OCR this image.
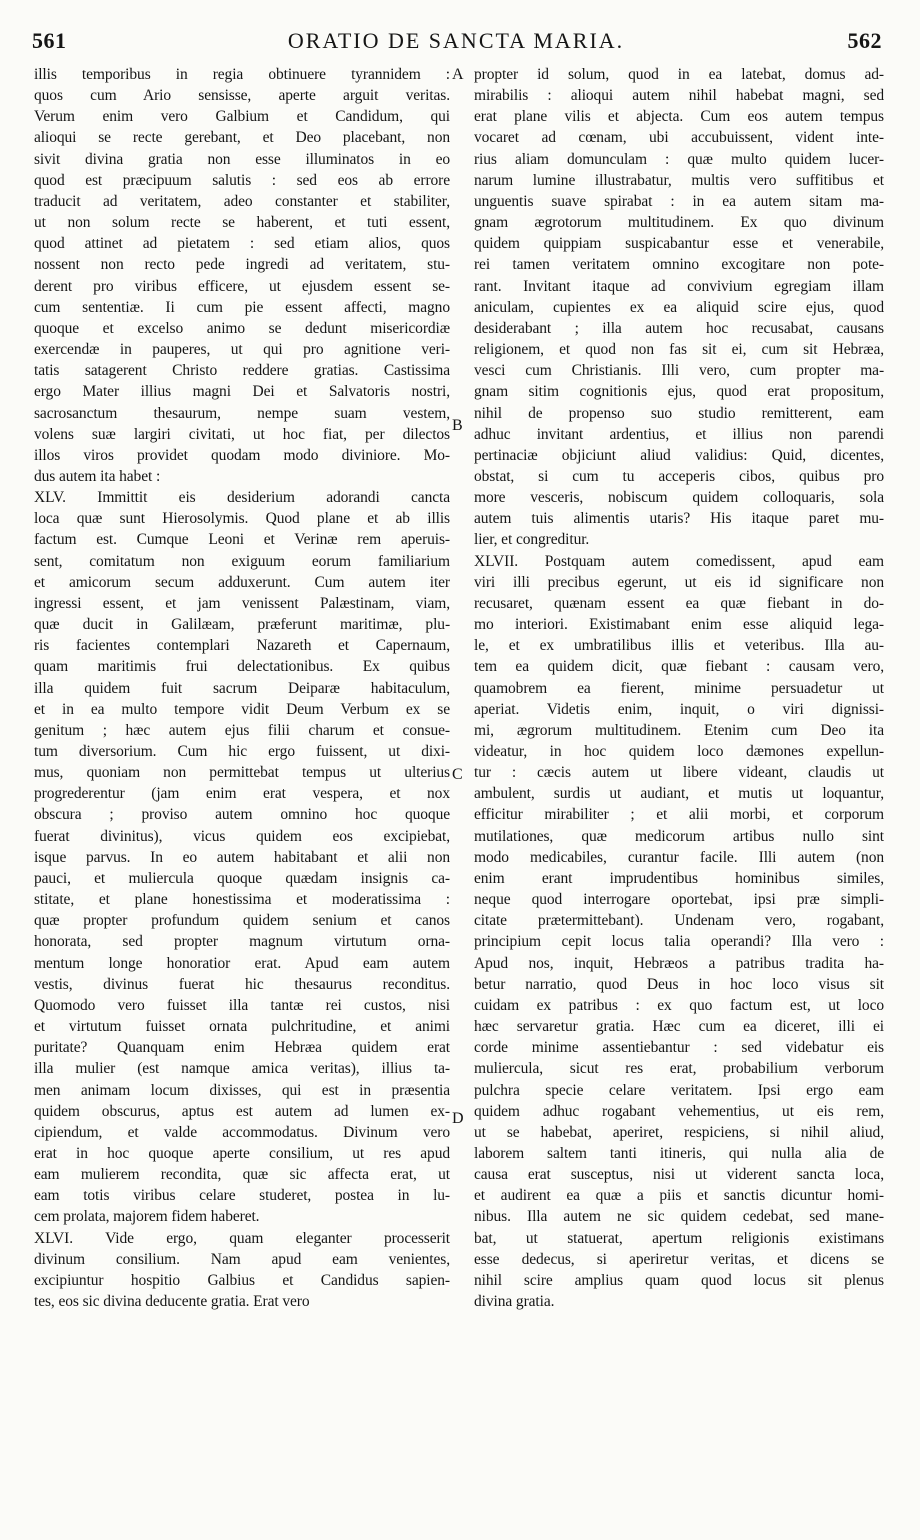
561	ORATIO DE SANCTA MARIA.	562
illis temporibus in regia obtinuere tyrannidem :
quos cum Ario sensisse, aperte arguit veritas.
Verum enim vero Galbium et Candidum, qui
alioqui se recte gerebant, et Deo placebant, non
sivit divina gratia non esse illuminatos in eo
quod est præcipuum salutis : sed eos ab errore
traducit ad veritatem, adeo constanter et stabiliter,
ut non solum recte se haberent, et tuti essent,
quod attinet ad pietatem : sed etiam alios, quos
nossent non recto pede ingredi ad veritatem, stu-
derent pro viribus efficere, ut ejusdem essent se-
cum sententiæ. Ii cum pie essent affecti, magno
quoque et excelso animo se dedunt misericordiæ
exercendæ in pauperes, ut qui pro agnitione veri-
tatis satagerent Christo reddere gratias. Castissima
ergo Mater illius magni Dei et Salvatoris nostri,
sacrosanctum thesaurum, nempe suam vestem,
volens suæ largiri civitati, ut hoc fiat, per dilectos
illos viros providet quodam modo diviniore. Mo-
dus autem ita habet :
XLV. Immittit eis desiderium adorandi cancta
loca quæ sunt Hierosolymis. Quod plane et ab illis
factum est. Cumque Leoni et Verinæ rem aperuis-
sent, comitatum non exiguum eorum familiarium
et amicorum secum adduxerunt. Cum autem iter
ingressi essent, et jam venissent Palæstinam, viam,
quæ ducit in Galilæam, præferunt maritimæ, plu-
ris facientes contemplari Nazareth et Capernaum,
quam maritimis frui delectationibus. Ex quibus
illa quidem fuit sacrum Deiparæ habitaculum,
et in ea multo tempore vidit Deum Verbum ex se
genitum ; hæc autem ejus filii charum et consue-
tum diversorium. Cum hic ergo fuissent, ut dixi-
mus, quoniam non permittebat tempus ut ulterius
progrederentur (jam enim erat vespera, et nox
obscura ; proviso autem omnino hoc quoque
fuerat divinitus), vicus quidem eos excipiebat,
isque parvus. In eo autem habitabant et alii non
pauci, et muliercula quoque quædam insignis ca-
stitate, et plane honestissima et moderatissima :
quæ propter profundum quidem senium et canos
honorata, sed propter magnum virtutum orna-
mentum longe honoratior erat. Apud eam autem
vestis, divinus fuerat hic thesaurus reconditus.
Quomodo vero fuisset illa tantæ rei custos, nisi
et virtutum fuisset ornata pulchritudine, et animi
puritate? Quanquam enim Hebræa quidem erat
illa mulier (est namque amica veritas), illius ta-
men animam locum dixisses, qui est in præsentia
quidem obscurus, aptus est autem ad lumen ex-
cipiendum, et valde accommodatus. Divinum vero
erat in hoc quoque aperte consilium, ut res apud
eam mulierem recondita, quæ sic affecta erat, ut
eam totis viribus celare studeret, postea in lu-
cem prolata, majorem fidem haberet.
XLVI. Vide ergo, quam eleganter processerit
divinum consilium. Nam apud eam venientes,
excipiuntur hospitio Galbius et Candidus sapien-
tes, eos sic divina deducente gratia. Erat vero
propter id solum, quod in ea latebat, domus ad-
mirabilis : alioqui autem nihil habebat magni, sed
erat plane vilis et abjecta. Cum eos autem tempus
vocaret ad cœnam, ubi accubuissent, vident inte-
rius aliam domunculam : quæ multo quidem lucer-
narum lumine illustrabatur, multis vero suffitibus et
unguentis suave spirabat : in ea autem sitam ma-
gnam ægrotorum multitudinem. Ex quo divinum
quidem quippiam suspicabantur esse et venerabile,
rei tamen veritatem omnino excogitare non pote-
rant. Invitant itaque ad convivium egregiam illam
aniculam, cupientes ex ea aliquid scire ejus, quod
desiderabant ; illa autem hoc recusabat, causans
religionem, et quod non fas sit ei, cum sit Hebræa,
vesci cum Christianis. Illi vero, cum propter ma-
gnam sitim cognitionis ejus, quod erat propositum,
nihil de propenso suo studio remitterent, eam
adhuc invitant ardentius, et illius non parendi
pertinaciæ objiciunt aliud validius: Quid, dicentes,
obstat, si cum tu acceperis cibos, quibus pro
more vesceris, nobiscum quidem colloquaris, sola
autem tuis alimentis utaris? His itaque paret mu-
lier, et congreditur.
XLVII. Postquam autem comedissent, apud eam
viri illi precibus egerunt, ut eis id significare non
recusaret, quænam essent ea quæ fiebant in do-
mo interiori. Existimabant enim esse aliquid lega-
le, et ex umbratilibus illis et veteribus. Illa au-
tem ea quidem dicit, quæ fiebant : causam vero,
quamobrem ea fierent, minime persuadetur ut
aperiat. Videtis enim, inquit, o viri dignissi-
mi, ægrorum multitudinem. Etenim cum Deo ita
videatur, in hoc quidem loco dæmones expellun-
tur : cæcis autem ut libere videant, claudis ut
ambulent, surdis ut audiant, et mutis ut loquantur,
efficitur mirabiliter ; et alii morbi, et corporum
mutilationes, quæ medicorum artibus nullo sint
modo medicabiles, curantur facile. Illi autem (non
enim erant imprudentibus hominibus similes,
neque quod interrogare oportebat, ipsi præ simpli-
citate prætermittebant). Undenam vero, rogabant,
principium cepit locus talia operandi? Illa vero :
Apud nos, inquit, Hebræos a patribus tradita ha-
betur narratio, quod Deus in hoc loco visus sit
cuidam ex patribus : ex quo factum est, ut loco
hæc servaretur gratia. Hæc cum ea diceret, illi ei
corde minime assentiebantur : sed videbatur eis
muliercula, sicut res erat, probabilium verborum
pulchra specie celare veritatem. Ipsi ergo eam
quidem adhuc rogabant vehementius, ut eis rem,
ut se habebat, aperiret, respiciens, si nihil aliud,
laborem saltem tanti itineris, qui nulla alia de
causa erat susceptus, nisi ut viderent sancta loca,
et audirent ea quæ a piis et sanctis dicuntur homi-
nibus. Illa autem ne sic quidem cedebat, sed mane-
bat, ut statuerat, apertum religionis existimans
esse dedecus, si aperiretur veritas, et dicens se
nihil scire amplius quam quod locus sit plenus
divina gratia.
A
B
C
D
